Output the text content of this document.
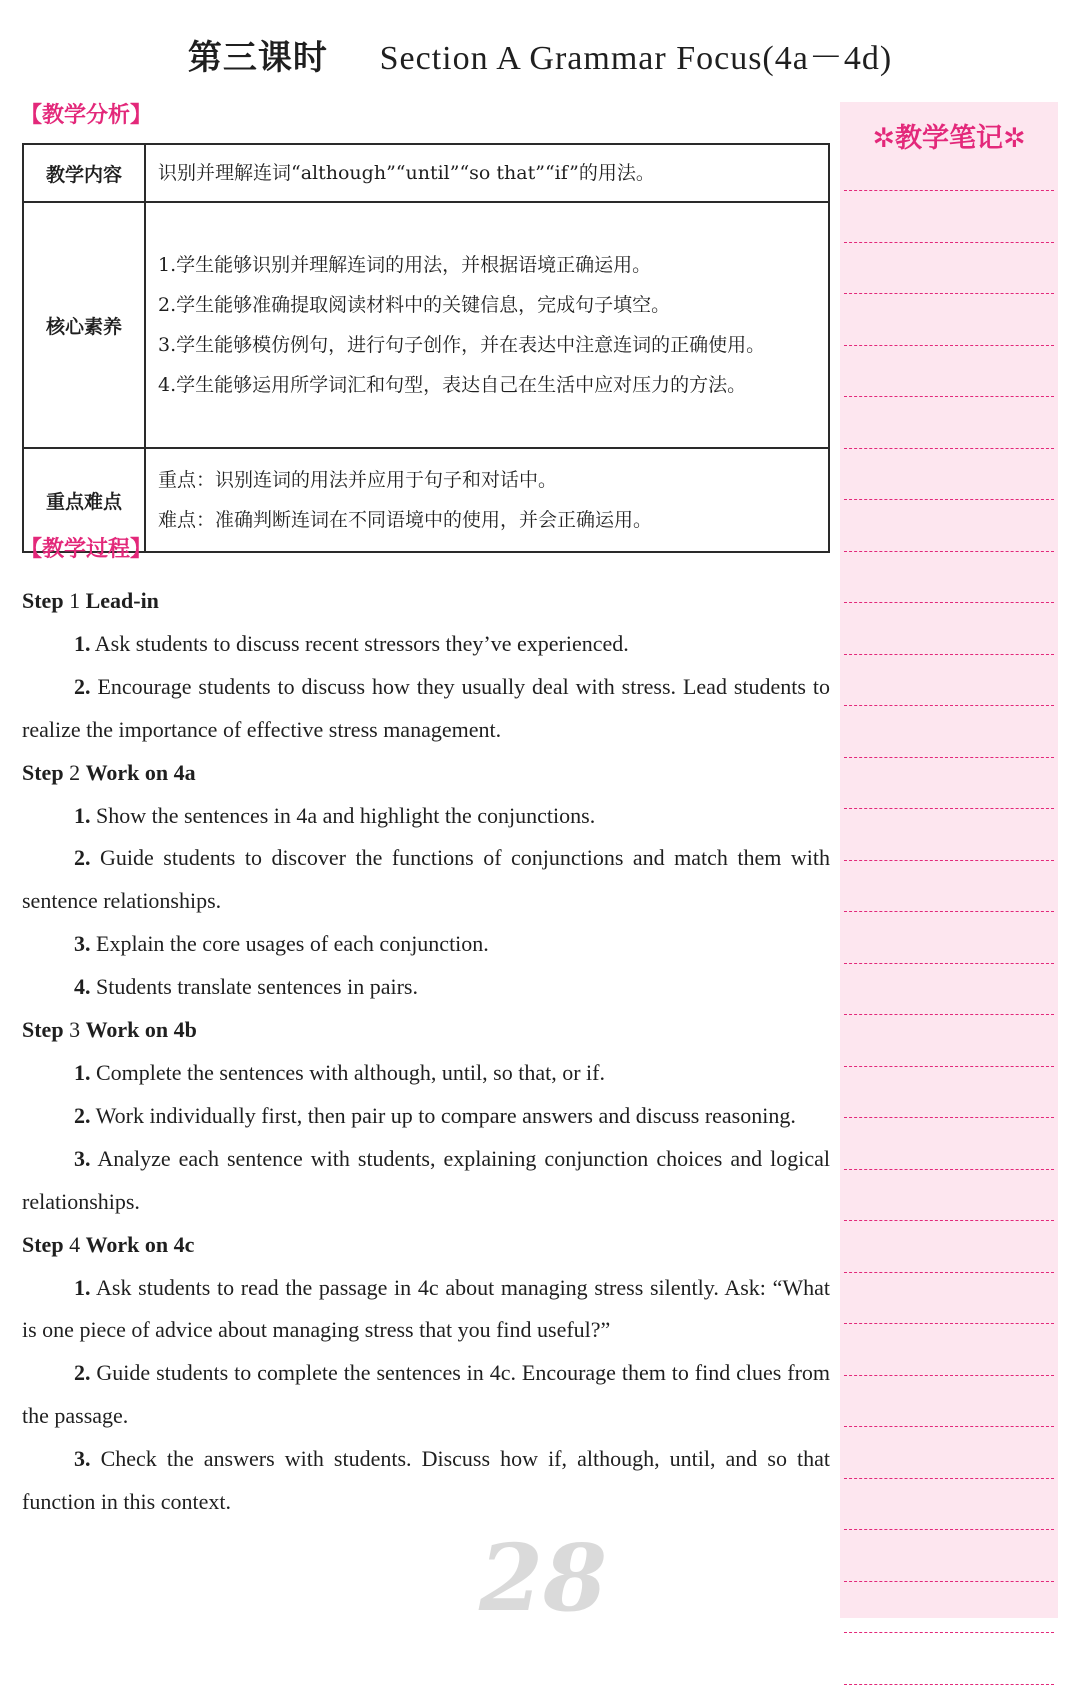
第三课时 Section A Grammar Focus(4a－4d)
【教学分析】
教学内容	识别并理解连词“although”“until”“so that”“if”的用法。
核心素养	1.学生能够识别并理解连词的用法，并根据语境正确运用。
2.学生能够准确提取阅读材料中的关键信息，完成句子填空。
3.学生能够模仿例句，进行句子创作，并在表达中注意连词的正确使用。
4.学生能够运用所学词汇和句型，表达自己在生活中应对压力的方法。

重点难点	重点：识别连词的用法并应用于句子和对话中。
难点：准确判断连词在不同语境中的使用，并会正确运用。
【教学过程】

Step 1 Lead-in

1. Ask students to discuss recent stressors they’ve experienced.

2. Encourage students to discuss how they usually deal with stress. Lead students to realize the importance of effective stress management.

Step 2 Work on 4a

1. Show the sentences in 4a and highlight the conjunctions.

2. Guide students to discover the functions of conjunctions and match them with sentence relationships.

3. Explain the core usages of each conjunction.

4. Students translate sentences in pairs.

Step 3 Work on 4b

1. Complete the sentences with although, until, so that, or if.

2. Work individually first, then pair up to compare answers and discuss reasoning.

3. Analyze each sentence with students, explaining conjunction choices and logical relationships.

Step 4 Work on 4c

1. Ask students to read the passage in 4c about managing stress silently. Ask: “What is one piece of advice about managing stress that you find useful?”

2. Guide students to complete the sentences in 4c. Encourage them to find clues from the passage.

3. Check the answers with students. Discuss how if, although, until, and so that function in this context.

✲教学笔记✲
28
